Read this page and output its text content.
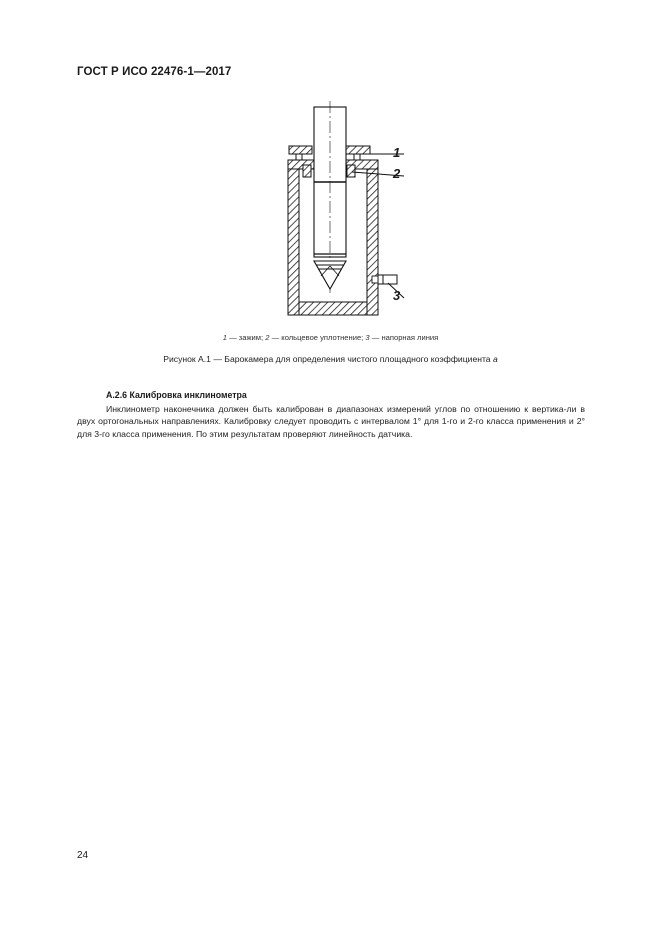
ГОСТ Р ИСО 22476-1—2017
1
2
3
1 — зажим; 2 — кольцевое уплотнение; 3 — напорная линия
Рисунок А.1 — Барокамера для определения чистого площадного коэффициента a
А.2.6 Калибровка инклинометра
Инклинометр наконечника должен быть калиброван в диапазонах измерений углов по отношению к вертика-ли в двух ортогональных направлениях. Калибровку следует проводить с интервалом 1° для 1-го и 2-го класса применения и 2° для 3-го класса применения. По этим результатам проверяют линейность датчика.
24
